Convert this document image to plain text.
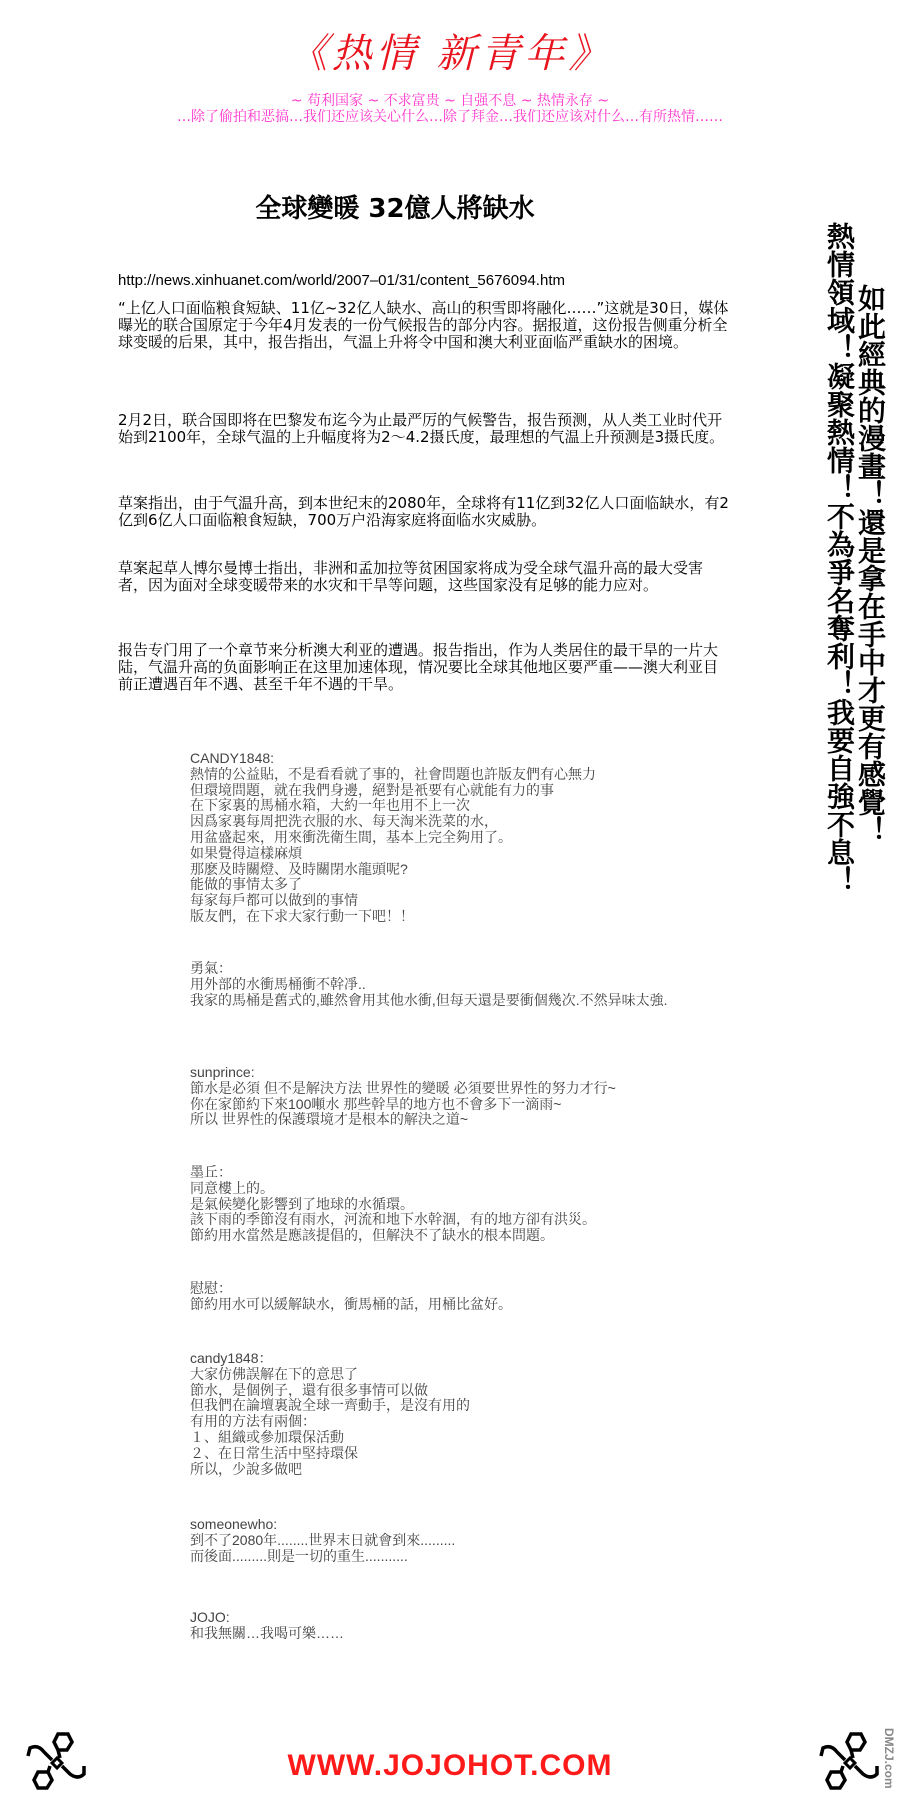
《热情 新青年》
~ 苟利国家 ~ 不求富贵 ~ 自强不息 ~ 热情永存 ~
…除了偷拍和恶搞…我们还应该关心什么…除了拜金…我们还应该对什么…有所热情……
全球變暖 32億人將缺水
http://news.xinhuanet.com/world/2007–01/31/content_5676094.htm
“上亿人口面临粮食短缺、11亿~32亿人缺水、高山的积雪即将融化……”这就是30日，媒体曝光的联合国原定于今年4月发表的一份气候报告的部分内容。据报道，这份报告侧重分析全球变暖的后果，其中，报告指出，气温上升将令中国和澳大利亚面临严重缺水的困境。
2月2日，联合国即将在巴黎发布迄今为止最严厉的气候警告，报告预测，从人类工业时代开始到2100年，全球气温的上升幅度将为2～4.2摄氏度，最理想的气温上升预测是3摄氏度。
草案指出，由于气温升高，到本世纪末的2080年，全球将有11亿到32亿人口面临缺水，有2亿到6亿人口面临粮食短缺，700万户沿海家庭将面临水灾威胁。
草案起草人博尔曼博士指出，非洲和孟加拉等贫困国家将成为受全球气温升高的最大受害者，因为面对全球变暖带来的水灾和干旱等问题，这些国家没有足够的能力应对。
报告专门用了一个章节来分析澳大利亚的遭遇。报告指出，作为人类居住的最干旱的一片大陆，气温升高的负面影响正在这里加速体现，情况要比全球其他地区要严重——澳大利亚目前正遭遇百年不遇、甚至千年不遇的干旱。
CANDY1848:
熱情的公益貼，不是看看就了事的，社會問題也許版友們有心無力
但環境問題，就在我們身邊，絕對是衹要有心就能有力的事
在下家裏的馬桶水箱，大約一年也用不上一次
因爲家裏每周把洗衣服的水、每天淘米洗菜的水，
用盆盛起來，用來衝洗衛生間，基本上完全夠用了。
如果覺得這樣麻煩
那麽及時關燈、及時關閉水龍頭呢?
能做的事情太多了
每家每戶都可以做到的事情
版友們，在下求大家行動一下吧！！
勇氣：
用外部的水衝馬桶衝不幹凈..
我家的馬桶是舊式的,雖然會用其他水衝,但每天還是要衝個幾次.不然异味太強.
sunprince:
節水是必須 但不是解決方法 世界性的變暖 必須要世界性的努力才行~
你在家節約下來100噸水 那些幹旱的地方也不會多下一滴雨~
所以 世界性的保護環境才是根本的解決之道~
墨丘：
同意樓上的。
是氣候變化影響到了地球的水循環。
該下雨的季節沒有雨水，河流和地下水幹涸，有的地方卻有洪災。
節約用水當然是應該提倡的，但解決不了缺水的根本問題。
慰慰：
節約用水可以緩解缺水，衝馬桶的話，用桶比盆好。
candy1848：
大家仿佛誤解在下的意思了
節水，是個例子，還有很多事情可以做
但我們在論壇裏說全球一齊動手，是沒有用的
有用的方法有兩個：
１、組織或參加環保活動
２、在日常生活中堅持環保
所以，少說多做吧
someonewho:
到不了2080年........世界末日就會到來.........
而後面.........則是一切的重生...........
JOJO:
和我無關…我喝可樂……
如此經典的漫畫！還是拿在手中才更有感覺！
熱情領域！凝聚熱情！不為爭名奪利！我要自強不息！
WWW.JOJOHOT.COM	DMZJ.com
